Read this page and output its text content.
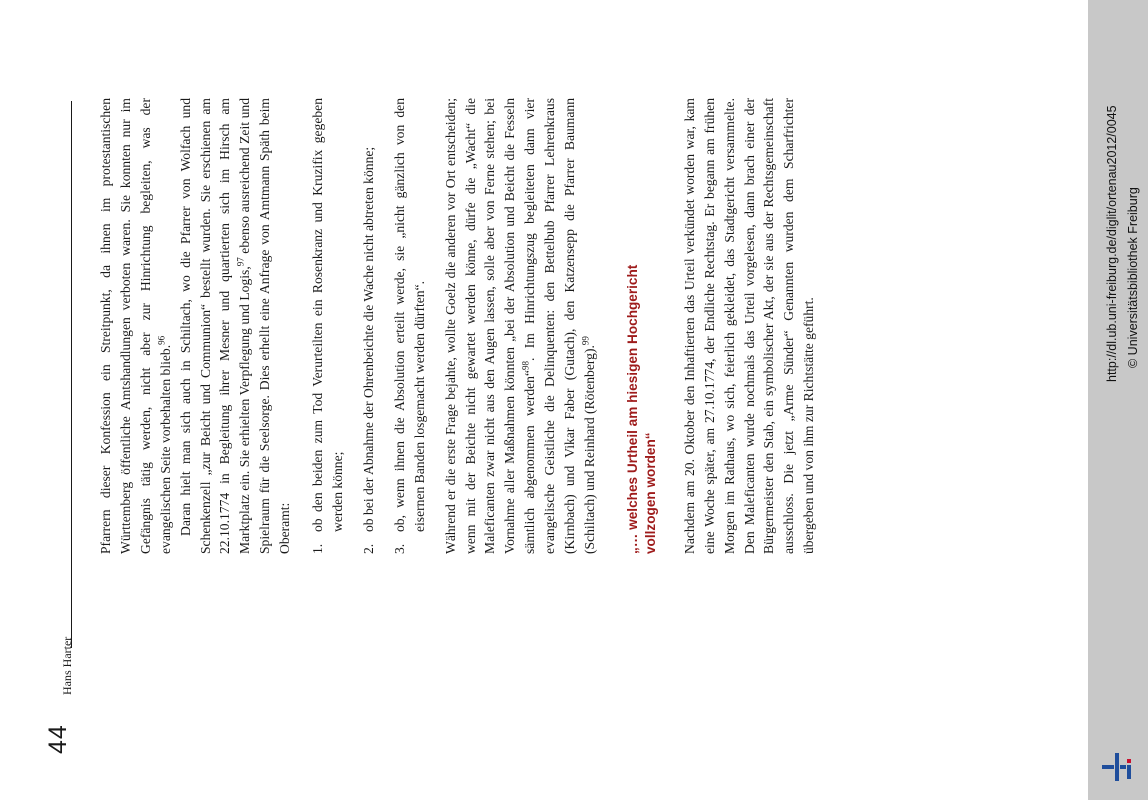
44
Hans Harter

Pfarrern dieser Konfession ein Streitpunkt, da ihnen im protestantischen Württemberg öffentliche Amtshandlungen verboten waren. Sie konnten nur im Gefängnis tätig werden, nicht aber zur Hinrichtung begleiten, was der evangelischen Seite vorbehalten blieb.$^{96}$ Daran hielt man sich auch in Schiltach, wo die Pfarrer von Wolfach und Schenkenzell „zur Beicht und Communion“ bestellt wurden. Sie erschienen am 22.10.1774 in Begleitung ihrer Mesner und quartierten sich im Hirsch am Marktplatz ein. Sie erhielten Verpflegung und Logis,$^{97}$ ebenso ausreichend Zeit und Spielraum für die Seelsorge. Dies erhellt eine Anfrage von Amtmann Späth beim Oberamt: 1.
ob den beiden zum Tod Verurteilten ein Rosenkranz und Kruzifix gegeben werden könne;
2.
ob bei der Abnahme der Ohrenbeichte die Wache nicht abtreten könne;
3.
ob, wenn ihnen die Absolution erteilt werde, sie „nicht gänzlich von den eisernen Banden losgemacht werden dürften“. Während er die erste Frage bejahte, wollte Goelz die anderen vor Ort entscheiden; wenn mit der Beichte nicht gewartet werden könne, dürfe die „Wacht“ die Maleficanten zwar nicht aus den Augen lassen, solle aber von Ferne stehen; bei Vornahme aller Maßnahmen könnten „bei der Absolution und Beicht die Fesseln sämtlich abgenommen werden“$^{98}$. Im Hinrichtungszug begleiteten dann vier evangelische Geistliche die Delinquenten: den Bettelbub Pfarrer Lehrenkraus (Kirnbach) und Vikar Faber (Gutach), den Katzensepp die Pfarrer Baumann (Schiltach) und Reinhard (Rötenberg).$^{99}$	„… welches Urtheil am hiesigen Hochgericht vollzogen worden“ Nachdem am 20. Oktober den Inhaftierten das Urteil verkündet worden war, kam eine Woche später, am 27.10.1774, der Endliche Rechtstag. Er begann am frühen Morgen im Rathaus, wo sich, feierlich gekleidet, das Stadtgericht versammelte. Den Maleficanten wurde nochmals das Urteil vorgelesen, dann brach einer der Bürgermeister den Stab, ein symbolischer Akt, der sie aus der Rechtsgemeinschaft ausschloss. Die jetzt „Arme Sünder“ Genannten wurden dem Scharfrichter übergeben und von ihm zur Richtstätte geführt.

http://dl.ub.uni-freiburg.de/diglit/ortenau2012/0045 © Universitätsbibliothek Freiburg
